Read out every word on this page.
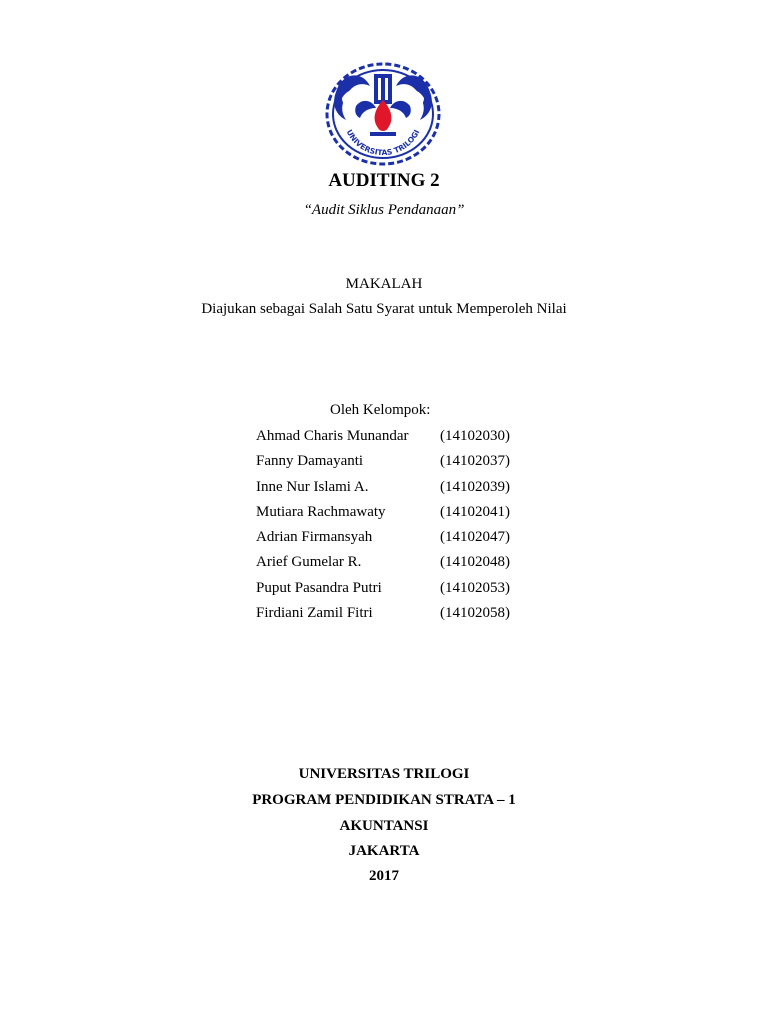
UNIVERSITAS TRILOGI
AUDITING 2
“Audit Siklus Pendanaan”
MAKALAH
Diajukan sebagai Salah Satu Syarat untuk Memperoleh Nilai
Oleh Kelompok:
Ahmad Charis Munandar (14102030)
Fanny Damayanti	(14102037)
Inne Nur Islami A.	(14102039)
Mutiara Rachmawaty	(14102041)
Adrian Firmansyah	(14102047)
Arief Gumelar R.	(14102048)
Puput Pasandra Putri	(14102053)
Firdiani Zamil Fitri	(14102058)
UNIVERSITAS TRILOGI
PROGRAM PENDIDIKAN STRATA – 1
AKUNTANSI
JAKARTA
2017
